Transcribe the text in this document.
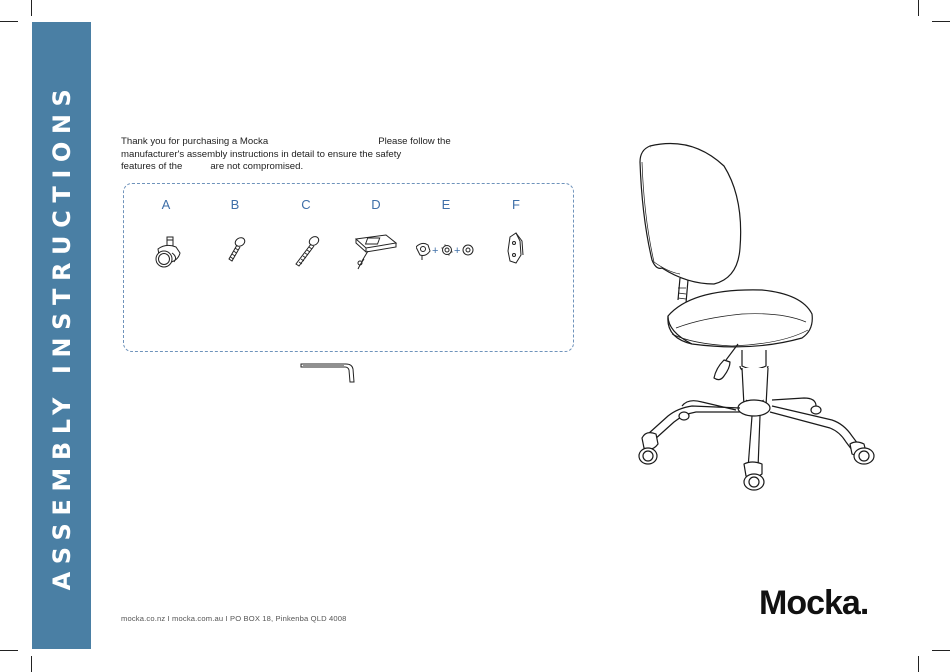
ASSEMBLY INSTRUCTIONS	Thank you for purchasing a Mocka	Please follow the
manufacturer's assembly instructions in detail to ensure the safety
features of the	are not compromised.
A	B	C	D	E
+ +
F
mocka.co.nz I mocka.com.au I PO BOX 18, Pinkenba QLD 4008	Mocka.
